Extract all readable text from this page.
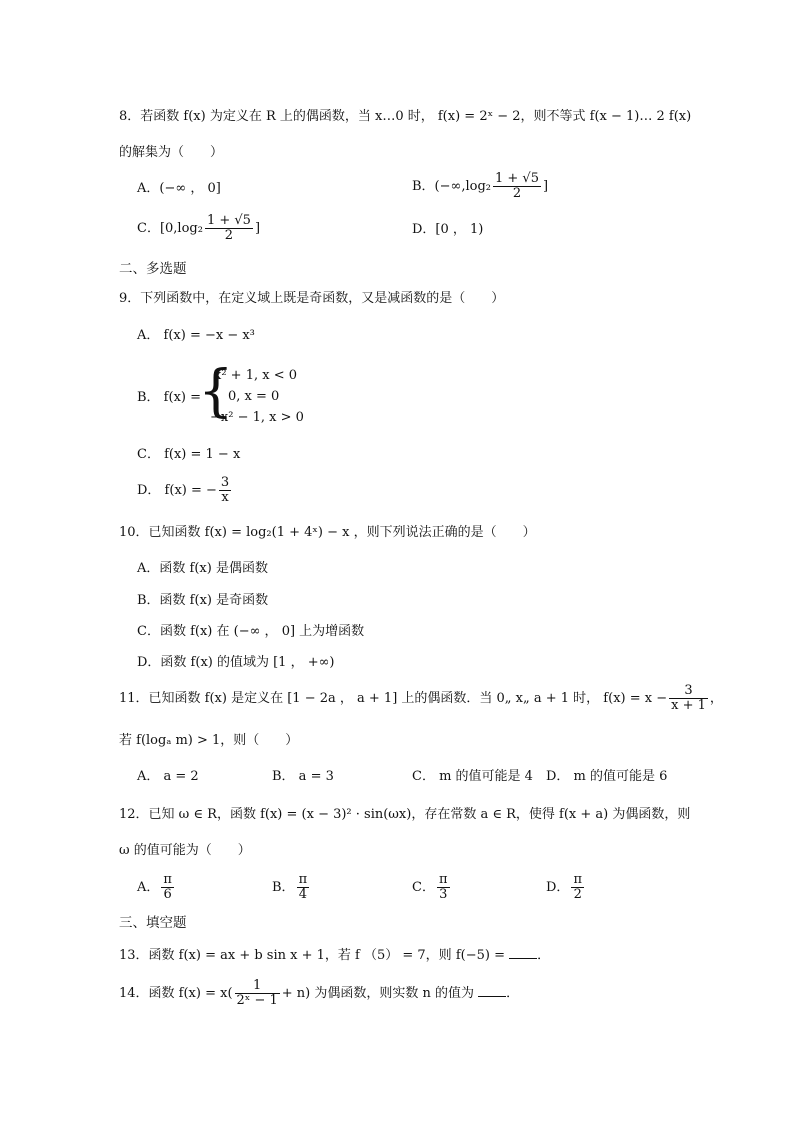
8．若函数 f(x) 为定义在 R 上的偶函数，当 x…0 时， f(x) = 2ˣ − 2，则不等式 f(x − 1)… 2 f(x)
的解集为（　　）
A．(−∞ ， 0]	B．($-\infty,\log_2 \frac{1 + √5}{2}$ ]
C．[$0,\log_2 \frac{1 + √5}{2}$ ]	D．[0 ， 1)
二、多选题
9．下列函数中，在定义域上既是奇函数，又是减函数的是（　　）
A． f(x) = −x − x³
B． f(x) =
{
x² + 1, x < 0
0, x = 0
−x² − 1, x > 0
C． f(x) = 1 − x
D． f(x) = − $\frac{3}{x}$
10．已知函数 f(x) = log₂(1 + 4ˣ) − x ，则下列说法正确的是（　　）
A．函数 f(x) 是偶函数
B．函数 f(x) 是奇函数
C．函数 f(x) 在 (−∞ ， 0] 上为增函数
D．函数 f(x) 的值域为 [1 ， +∞)
11．已知函数 f(x) 是定义在 [1 − 2a ， a + 1] 上的偶函数．当 0„ x„ a + 1 时， $f(x) = x - \frac{3}{x + 1}$ ，
若 f(logₐ m) > 1，则（　　）
A． a = 2	B． a = 3	C． m 的值可能是 4 D． m 的值可能是 6
12．已知 ω ∈ R，函数 f(x) = (x − 3)² · sin(ωx)，存在常数 a ∈ R，使得 f(x + a) 为偶函数，则
ω 的值可能为（　　）
A． $\frac{\pi}{6}$	B． $\frac{\pi}{4}$	C． $\frac{\pi}{3}$	D． $\frac{\pi}{2}$
三、填空题
13．函数 f(x) = ax + b sin x + 1，若 f （5） = 7，则 f(−5) = ．
14．函数 $f(x) = x( \frac{1}{\text{2ˣ − 1}} + n)$ 为偶函数，则实数 n 的值为 ．
